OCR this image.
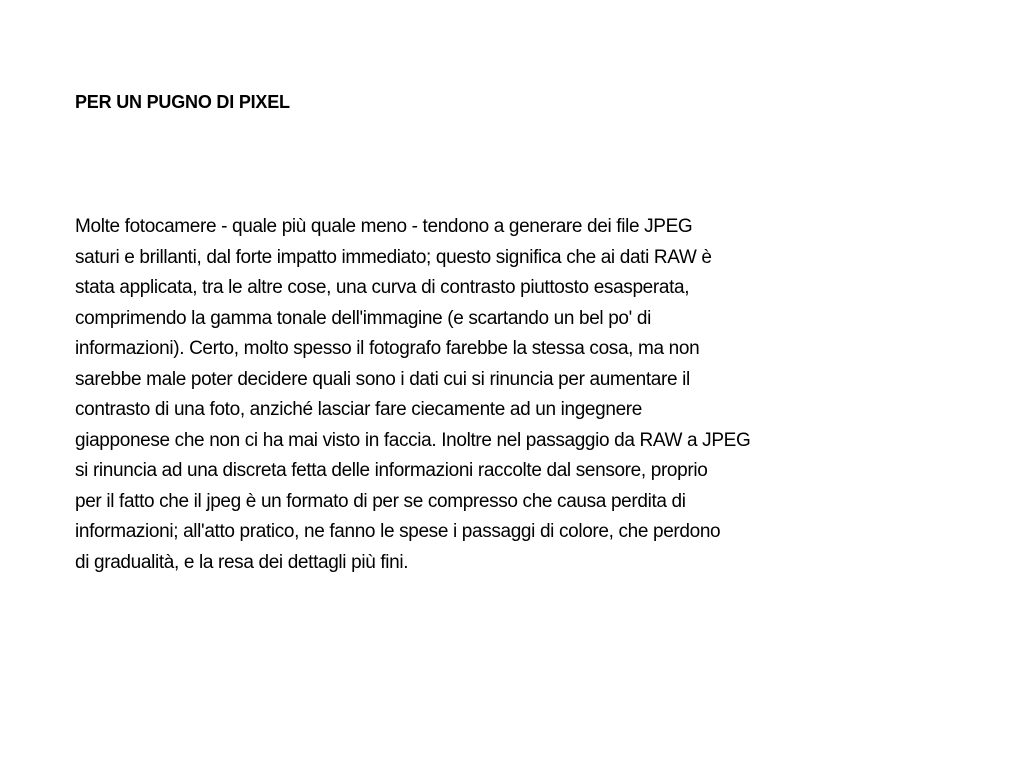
PER UN PUGNO DI PIXEL
Molte fotocamere - quale più quale meno - tendono a generare dei file JPEG
saturi e brillanti, dal forte impatto immediato; questo significa che ai dati RAW è
stata applicata, tra le altre cose, una curva di contrasto piuttosto esasperata,
comprimendo la gamma tonale dell'immagine (e scartando un bel po' di
informazioni). Certo, molto spesso il fotografo farebbe la stessa cosa, ma non
sarebbe male poter decidere quali sono i dati cui si rinuncia per aumentare il
contrasto di una foto, anziché lasciar fare ciecamente ad un ingegnere
giapponese che non ci ha mai visto in faccia. Inoltre nel passaggio da RAW a JPEG
si rinuncia ad una discreta fetta delle informazioni raccolte dal sensore, proprio
per il fatto che il jpeg è un formato di per se compresso che causa perdita di
informazioni; all'atto pratico, ne fanno le spese i passaggi di colore, che perdono
di gradualità, e la resa dei dettagli più fini.
